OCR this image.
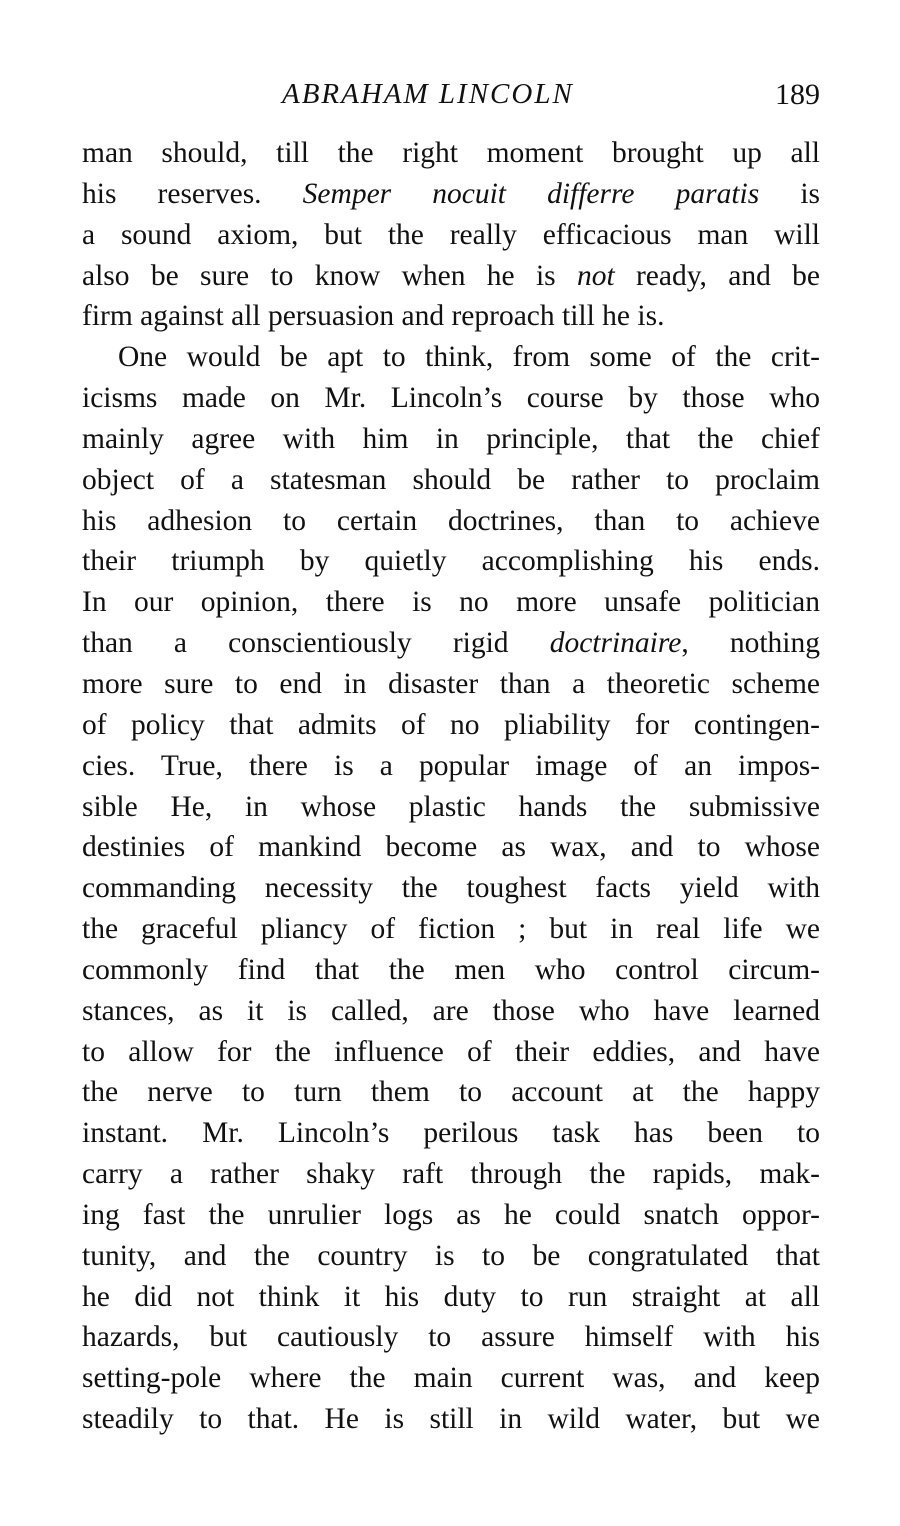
ABRAHAM LINCOLN	189
man should, till the right moment brought up all
his reserves. Semper nocuit differre paratis is
a sound axiom, but the really efficacious man will
also be sure to know when he is not ready, and be
firm against all persuasion and reproach till he is.
One would be apt to think, from some of the crit-
icisms made on Mr. Lincoln’s course by those who
mainly agree with him in principle, that the chief
object of a statesman should be rather to proclaim
his adhesion to certain doctrines, than to achieve
their triumph by quietly accomplishing his ends.
In our opinion, there is no more unsafe politician
than a conscientiously rigid doctrinaire, nothing
more sure to end in disaster than a theoretic scheme
of policy that admits of no pliability for contingen-
cies. True, there is a popular image of an impos-
sible He, in whose plastic hands the submissive
destinies of mankind become as wax, and to whose
commanding necessity the toughest facts yield with
the graceful pliancy of fiction ; but in real life we
commonly find that the men who control circum-
stances, as it is called, are those who have learned
to allow for the influence of their eddies, and have
the nerve to turn them to account at the happy
instant. Mr. Lincoln’s perilous task has been to
carry a rather shaky raft through the rapids, mak-
ing fast the unrulier logs as he could snatch oppor-
tunity, and the country is to be congratulated that
he did not think it his duty to run straight at all
hazards, but cautiously to assure himself with his
setting-pole where the main current was, and keep
steadily to that. He is still in wild water, but we
